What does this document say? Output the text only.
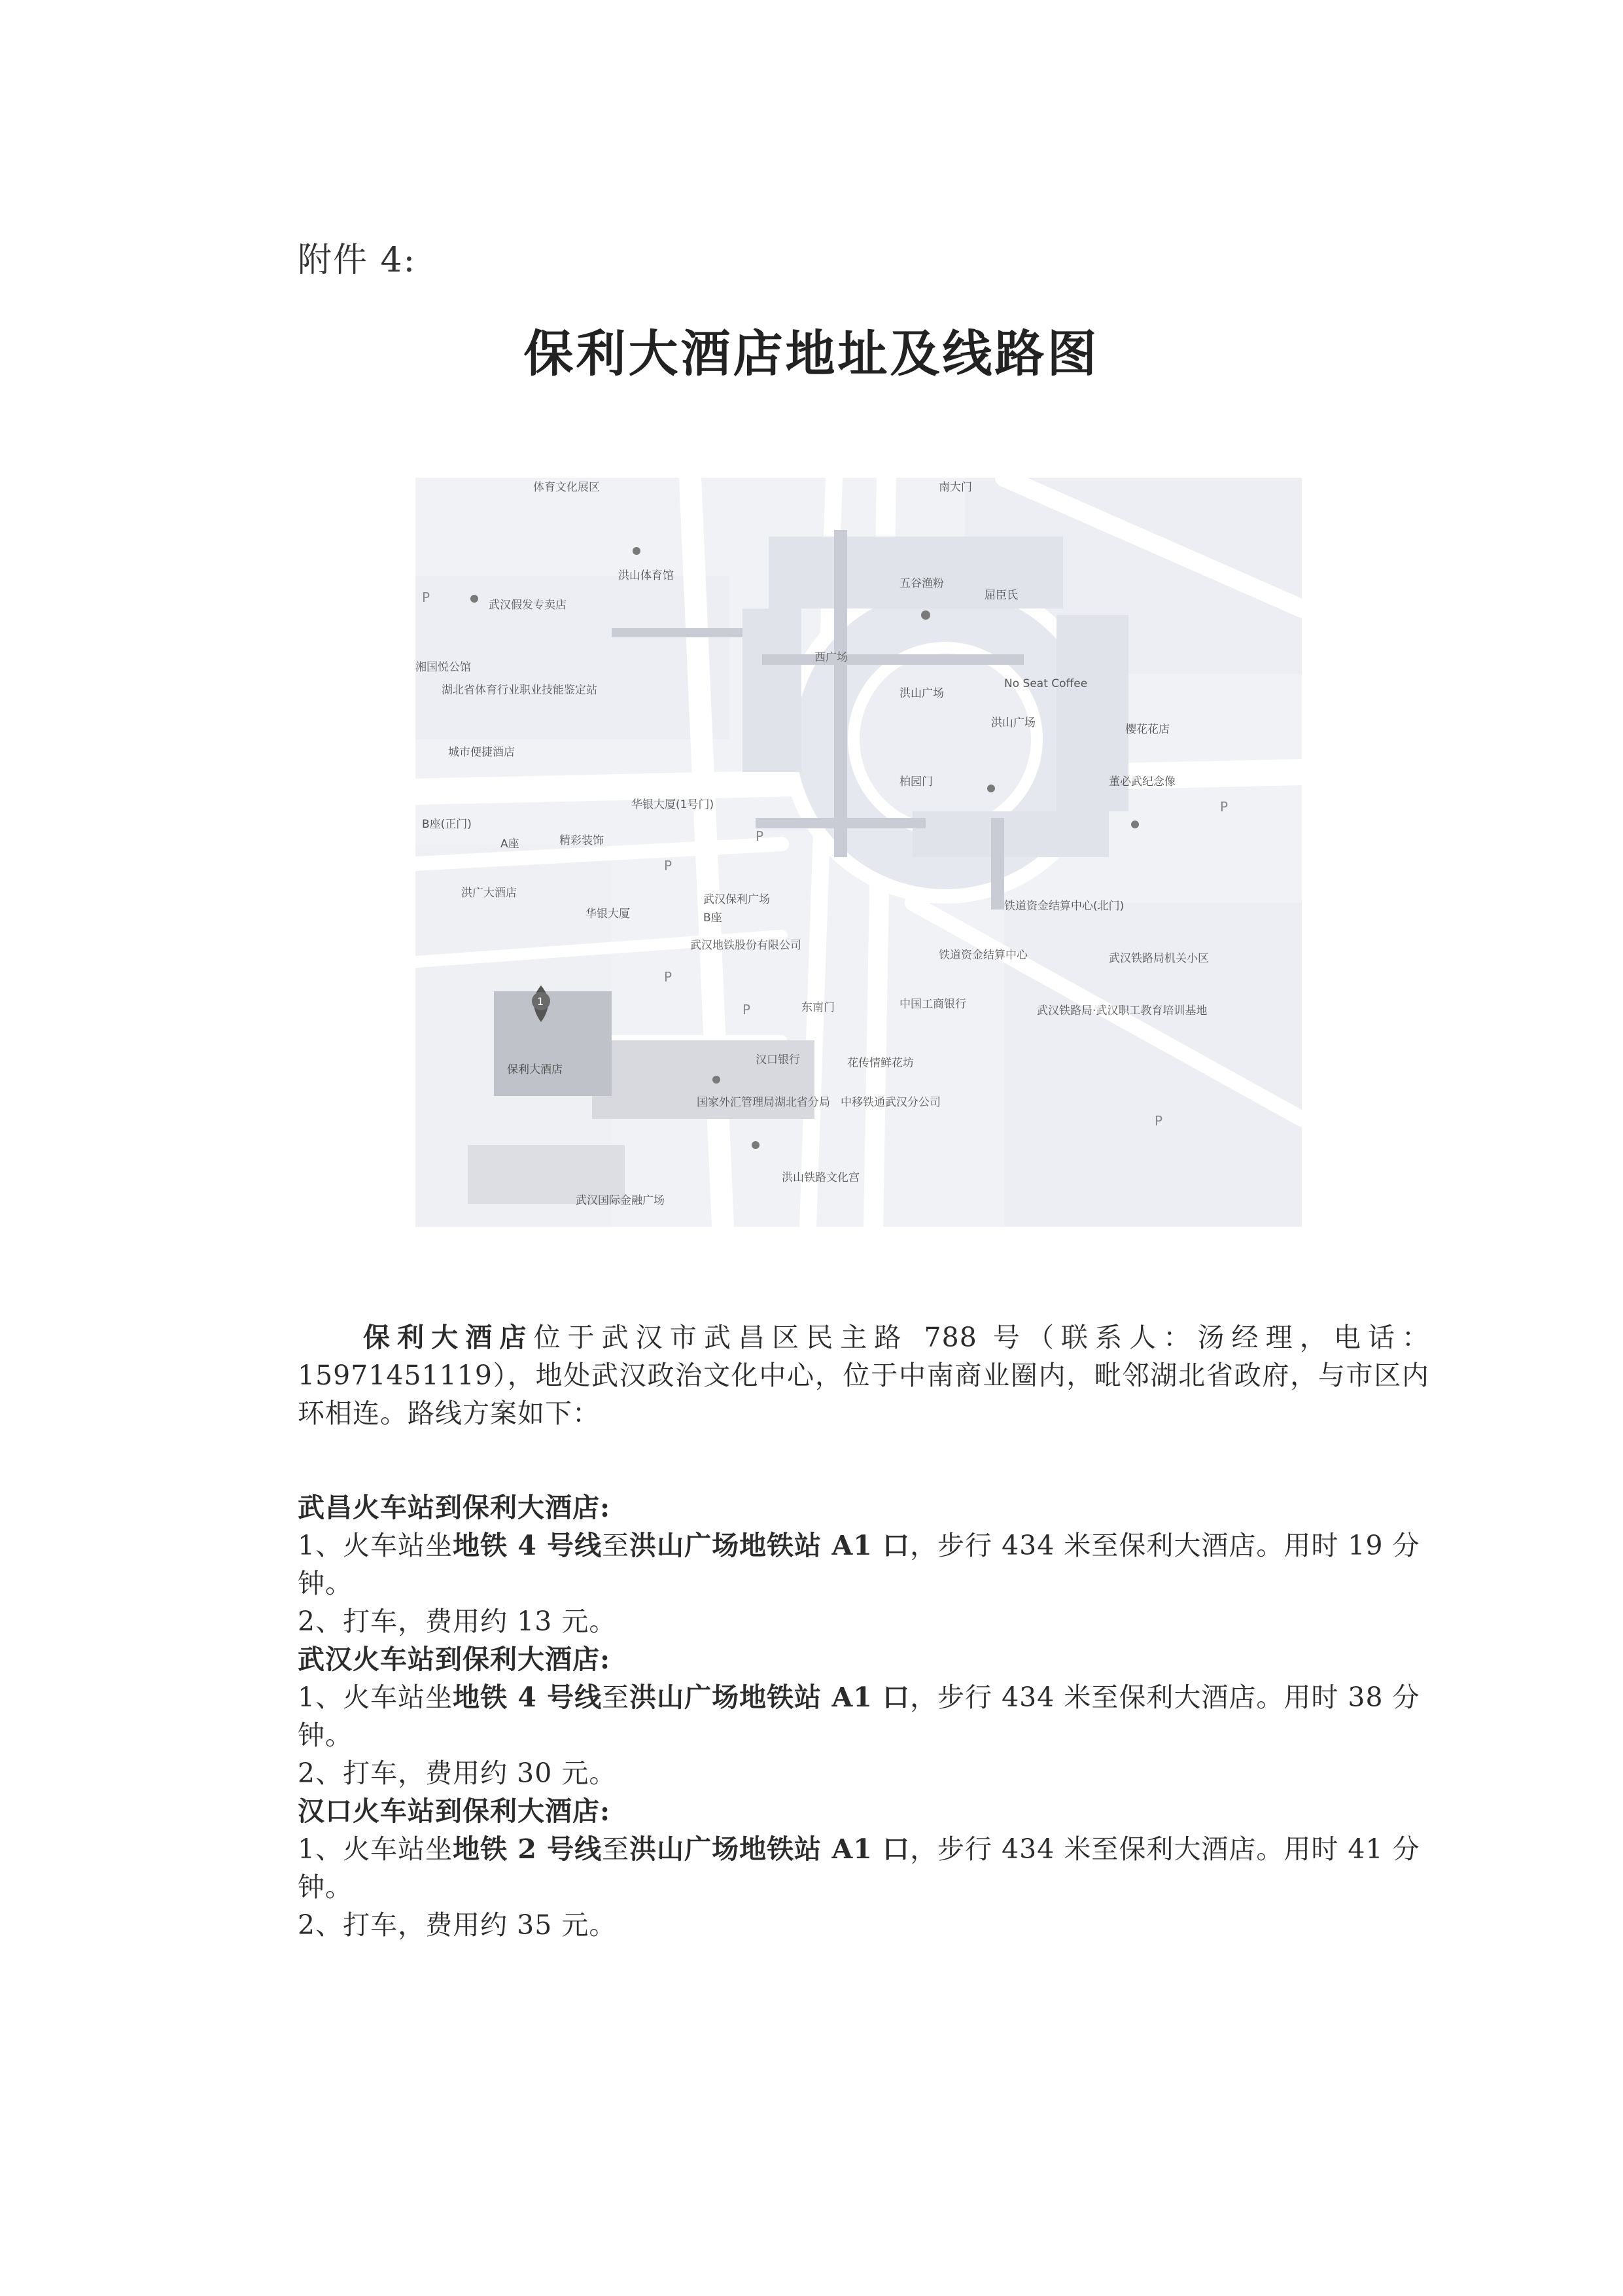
附件 4:
保利大酒店地址及线路图
1
体育文化展区	南大门
洪山体育馆
武汉假发专卖店
五谷渔粉
屈臣氏
西广场
洪山广场
No Seat Coffee
洪山广场	樱花花店
董必武纪念像
湘国悦公馆
湖北省体育行业职业技能鉴定站
城市便捷酒店
柏园门
华银大厦(1号门)
B座(正门)
A座	精彩装饰
洪广大酒店	武汉保利广场
华银大厦	B座
铁道资金结算中心(北门)
铁道资金结算中心
武汉地铁股份有限公司
东南门	中国工商银行
武汉铁路局机关小区
武汉铁路局·武汉职工教育培训基地
保利大酒店
汉口银行	花传情鲜花坊
国家外汇管理局湖北省分局 中移铁通武汉分公司
洪山铁路文化宫
武汉国际金融广场
P
P
P
P
P
P
P
保利大酒店位于武汉市武昌区民主路 788 号（联系人：汤经理，电话：15971451119），地处武汉政治文化中心，位于中南商业圈内，毗邻湖北省政府，与市区内环相连。路线方案如下：

武昌火车站到保利大酒店:

1、火车站坐地铁 4 号线至洪山广场地铁站 A1 口，步行 434 米至保利大酒店。用时 19 分钟。

2、打车，费用约 13 元。

武汉火车站到保利大酒店:

1、火车站坐地铁 4 号线至洪山广场地铁站 A1 口，步行 434 米至保利大酒店。用时 38 分钟。

2、打车，费用约 30 元。

汉口火车站到保利大酒店:

1、火车站坐地铁 2 号线至洪山广场地铁站 A1 口，步行 434 米至保利大酒店。用时 41 分钟。

2、打车，费用约 35 元。
